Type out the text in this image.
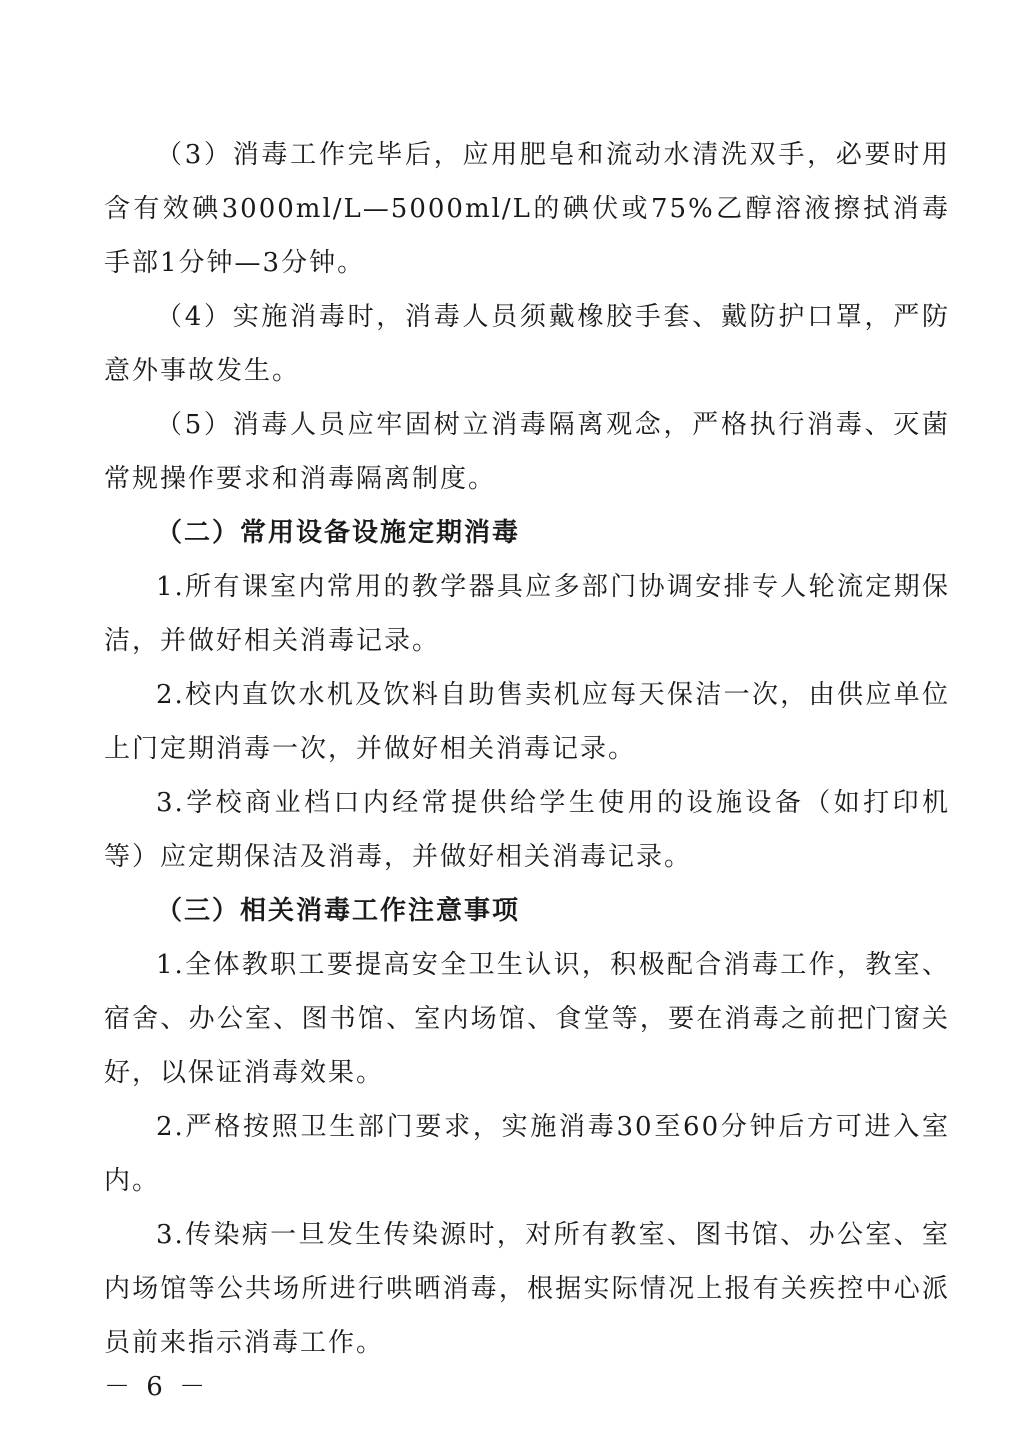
（3）消毒工作完毕后，应用肥皂和流动水清洗双手，必要时用含有效碘3000ml/L—5000ml/L的碘伏或75%乙醇溶液擦拭消毒手部1分钟—3分钟。

（4）实施消毒时，消毒人员须戴橡胶手套、戴防护口罩，严防意外事故发生。

（5）消毒人员应牢固树立消毒隔离观念，严格执行消毒、灭菌常规操作要求和消毒隔离制度。

（二）常用设备设施定期消毒

1.所有课室内常用的教学器具应多部门协调安排专人轮流定期保洁，并做好相关消毒记录。

2.校内直饮水机及饮料自助售卖机应每天保洁一次，由供应单位上门定期消毒一次，并做好相关消毒记录。

3.学校商业档口内经常提供给学生使用的设施设备（如打印机等）应定期保洁及消毒，并做好相关消毒记录。

（三）相关消毒工作注意事项

1.全体教职工要提高安全卫生认识，积极配合消毒工作，教室、宿舍、办公室、图书馆、室内场馆、食堂等，要在消毒之前把门窗关好，以保证消毒效果。

2.严格按照卫生部门要求，实施消毒30至60分钟后方可进入室内。

3.传染病一旦发生传染源时，对所有教室、图书馆、办公室、室内场馆等公共场所进行哄晒消毒，根据实际情况上报有关疾控中心派员前来指示消毒工作。

－ 6 －
